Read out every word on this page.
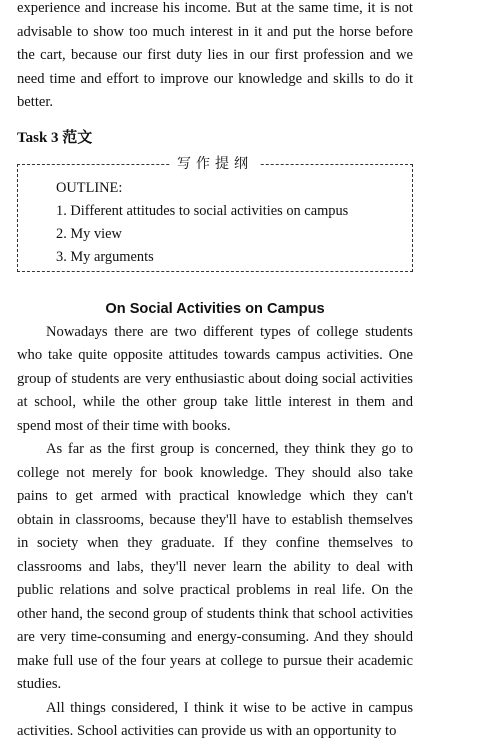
experience and increase his income. But at the same time, it is not advisable to show too much interest in it and put the horse before the cart, because our first duty lies in our first profession and we need time and effort to improve our knowledge and skills to do it better.

Task 3 范文
写作提纲

OUTLINE:

1. Different attitudes to social activities on campus

2. My view

3. My arguments

On Social Activities on Campus

Nowadays there are two different types of college students who take quite opposite attitudes towards campus activities. One group of students are very enthusiastic about doing social activities at school, while the other group take little interest in them and spend most of their time with books.

As far as the first group is concerned, they think they go to college not merely for book knowledge. They should also take pains to get armed with practical knowledge which they can't obtain in classrooms, because they'll have to establish themselves in society when they graduate. If they confine themselves to classrooms and labs, they'll never learn the ability to deal with public relations and solve practical problems in real life. On the other hand, the second group of students think that school activities are very time-consuming and energy-consuming. And they should make full use of the four years at college to pursue their academic studies.

All things considered, I think it wise to be active in campus activities. School activities can provide us with an opportunity to
